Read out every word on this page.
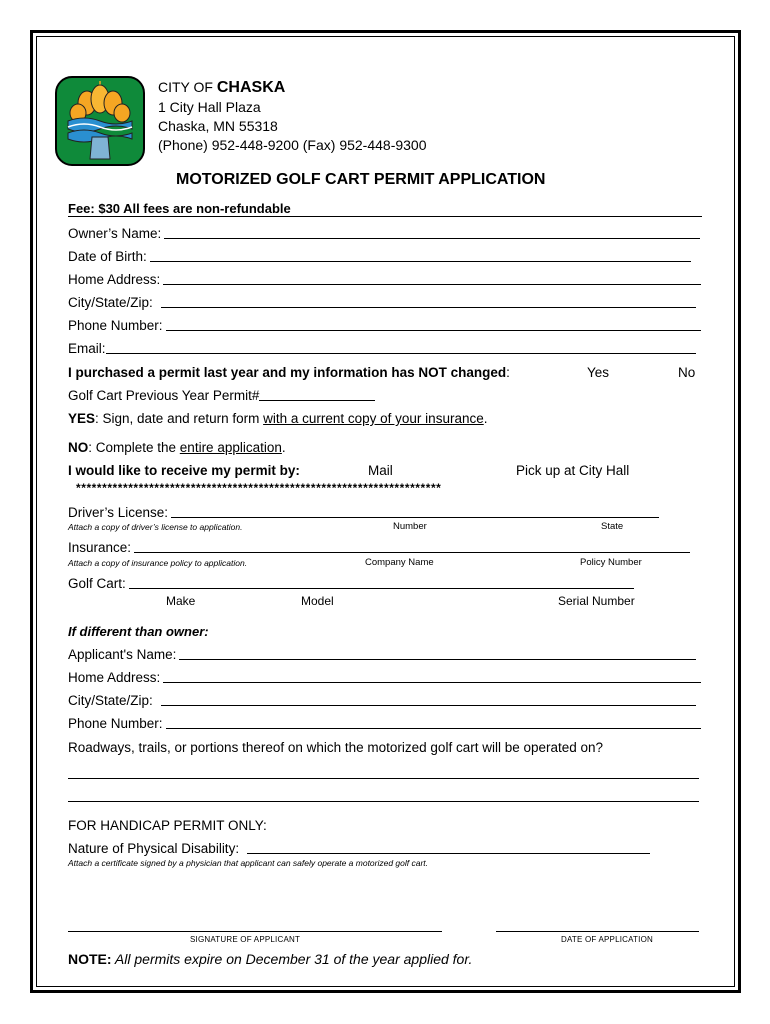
CITY OF CHASKA
1 City Hall Plaza
Chaska, MN 55318
(Phone) 952-448-9200 (Fax) 952-448-9300
MOTORIZED GOLF CART PERMIT APPLICATION
Fee: $30 All fees are non-refundable
Owner’s Name:
Date of Birth:
Home Address:
City/State/Zip:
Phone Number:
Email:
I purchased a permit last year and my information has NOT changed:	Yes	No
Golf Cart Previous Year Permit#
YES: Sign, date and return form with a current copy of your insurance.
NO: Complete the entire application.
I would like to receive my permit by:	Mail	Pick up at City Hall
**********************************************************************
Driver’s License:
Attach a copy of driver’s license to application.	Number	State
Insurance:
Attach a copy of insurance policy to application.	Company Name	Policy Number
Golf Cart:
Make	Model	Serial Number
If different than owner:
Applicant's Name:
Home Address:
City/State/Zip:
Phone Number:
Roadways, trails, or portions thereof on which the motorized golf cart will be operated on?
FOR HANDICAP PERMIT ONLY:
Nature of Physical Disability:
Attach a certificate signed by a physician that applicant can safely operate a motorized golf cart.
SIGNATURE OF APPLICANT	DATE OF APPLICATION
NOTE: All permits expire on December 31 of the year applied for.
